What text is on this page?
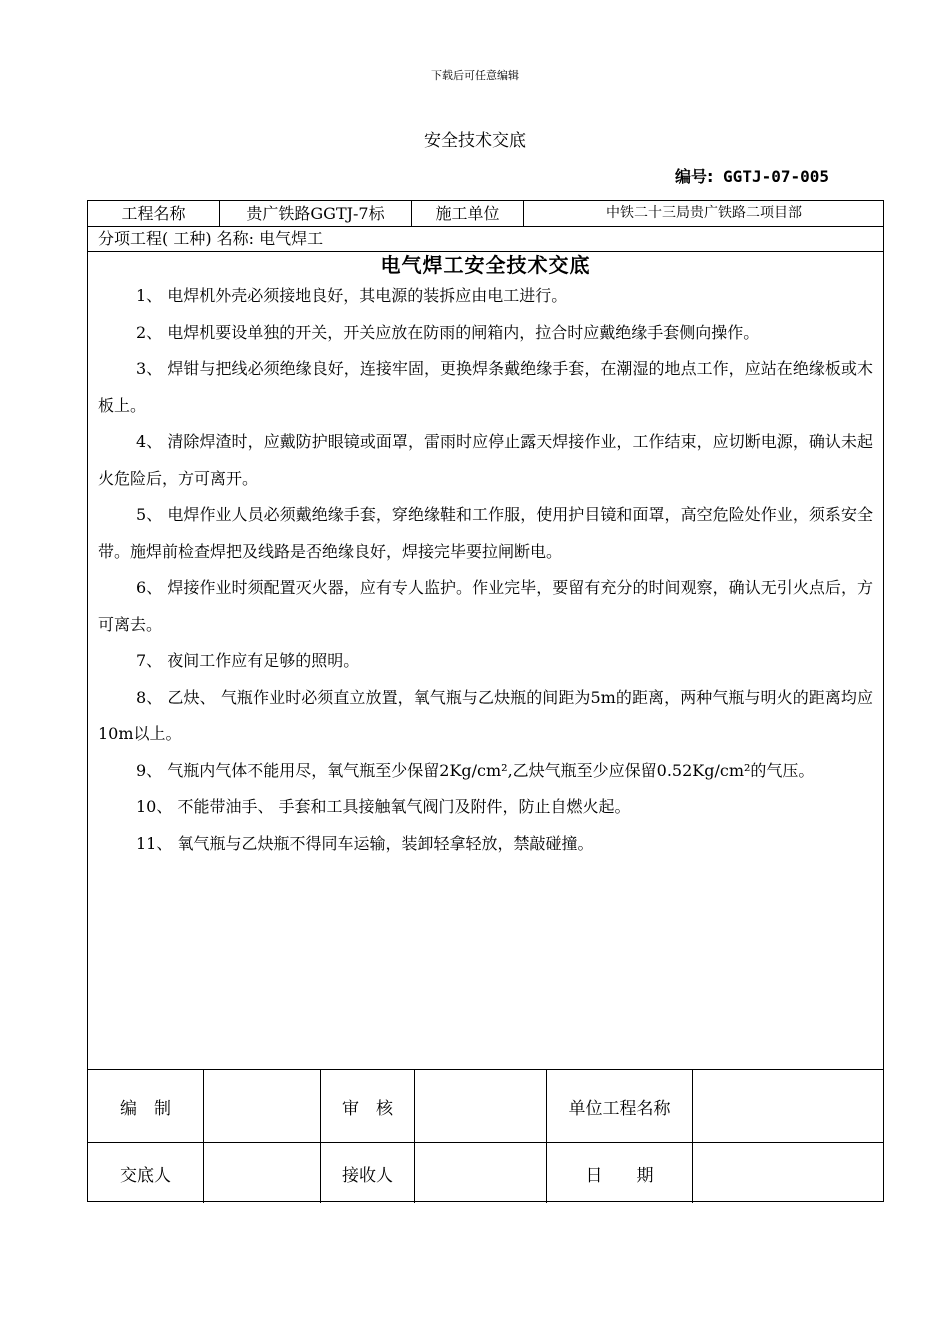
下载后可任意编辑
安全技术交底
编号: GGTJ-07-005
工程名称	贵广铁路GGTJ-7标	施工单位	中铁二十三局贵广铁路二项目部
分项工程( 工种) 名称: 电气焊工
电气焊工安全技术交底

1、 电焊机外壳必须接地良好，其电源的装拆应由电工进行。

2、 电焊机要设单独的开关，开关应放在防雨的闸箱内，拉合时应戴绝缘手套侧向操作。

3、 焊钳与把线必须绝缘良好，连接牢固，更换焊条戴绝缘手套，在潮湿的地点工作，应站在绝缘板或木板上。

4、 清除焊渣时，应戴防护眼镜或面罩，雷雨时应停止露天焊接作业，工作结束，应切断电源，确认未起火危险后，方可离开。

5、 电焊作业人员必须戴绝缘手套，穿绝缘鞋和工作服，使用护目镜和面罩，高空危险处作业，须系安全带。施焊前检查焊把及线路是否绝缘良好，焊接完毕要拉闸断电。

6、 焊接作业时须配置灭火器，应有专人监护。作业完毕，要留有充分的时间观察，确认无引火点后，方可离去。

7、 夜间工作应有足够的照明。

8、 乙炔、 气瓶作业时必须直立放置，氧气瓶与乙炔瓶的间距为5m的距离，两种气瓶与明火的距离均应10m以上。

9、 气瓶内气体不能用尽，氧气瓶至少保留2Kg/cm²,乙炔气瓶至少应保留0.52Kg/cm²的气压。

10、 不能带油手、 手套和工具接触氧气阀门及附件，防止自燃火起。

11、 氧气瓶与乙炔瓶不得同车运输，装卸轻拿轻放，禁敲碰撞。

编　制	审　核	单位工程名称
交底人	接收人	日　　期
